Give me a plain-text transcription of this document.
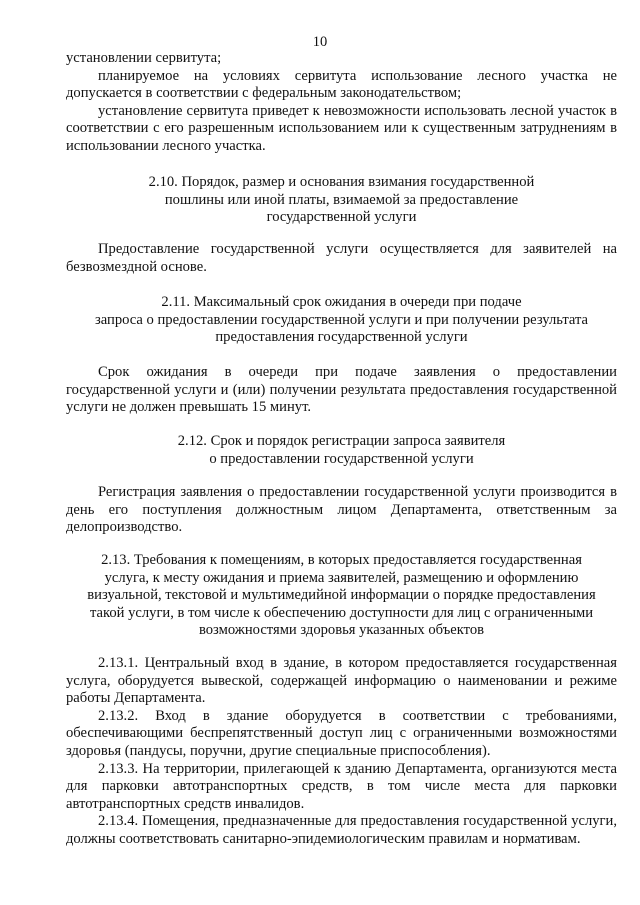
10

установлении сервитута;

планируемое на условиях сервитута использование лесного участка не допускается в соответствии с федеральным законодательством;

установление сервитута приведет к невозможности использовать лесной участок в соответствии с его разрешенным использованием или к существенным затруднениям в использовании лесного участка.

2.10. Порядок, размер и основания взимания государственной
пошлины или иной платы, взимаемой за предоставление
государственной услуги

Предоставление государственной услуги осуществляется для заявителей на безвозмездной основе.

2.11. Максимальный срок ожидания в очереди при подаче
запроса о предоставлении государственной услуги и при получении результата
предоставления государственной услуги

Срок ожидания в очереди при подаче заявления о предоставлении государственной услуги и (или) получении результата предоставления государственной услуги не должен превышать 15 минут.

2.12. Срок и порядок регистрации запроса заявителя
о предоставлении государственной услуги

Регистрация заявления о предоставлении государственной услуги производится в день его поступления должностным лицом Департамента, ответственным за делопроизводство.

2.13. Требования к помещениям, в которых предоставляется государственная
услуга, к месту ожидания и приема заявителей, размещению и оформлению
визуальной, текстовой и мультимедийной информации о порядке предоставления
такой услуги, в том числе к обеспечению доступности для лиц с ограниченными
возможностями здоровья указанных объектов

2.13.1. Центральный вход в здание, в котором предоставляется государственная услуга, оборудуется вывеской, содержащей информацию о наименовании и режиме работы Департамента.

2.13.2. Вход в здание оборудуется в соответствии с требованиями, обеспечивающими беспрепятственный доступ лиц с ограниченными возможностями здоровья (пандусы, поручни, другие специальные приспособления).

2.13.3. На территории, прилегающей к зданию Департамента, организуются места для парковки автотранспортных средств, в том числе места для парковки автотранспортных средств инвалидов.

2.13.4. Помещения, предназначенные для предоставления государственной услуги, должны соответствовать санитарно-эпидемиологическим правилам и нормативам.
